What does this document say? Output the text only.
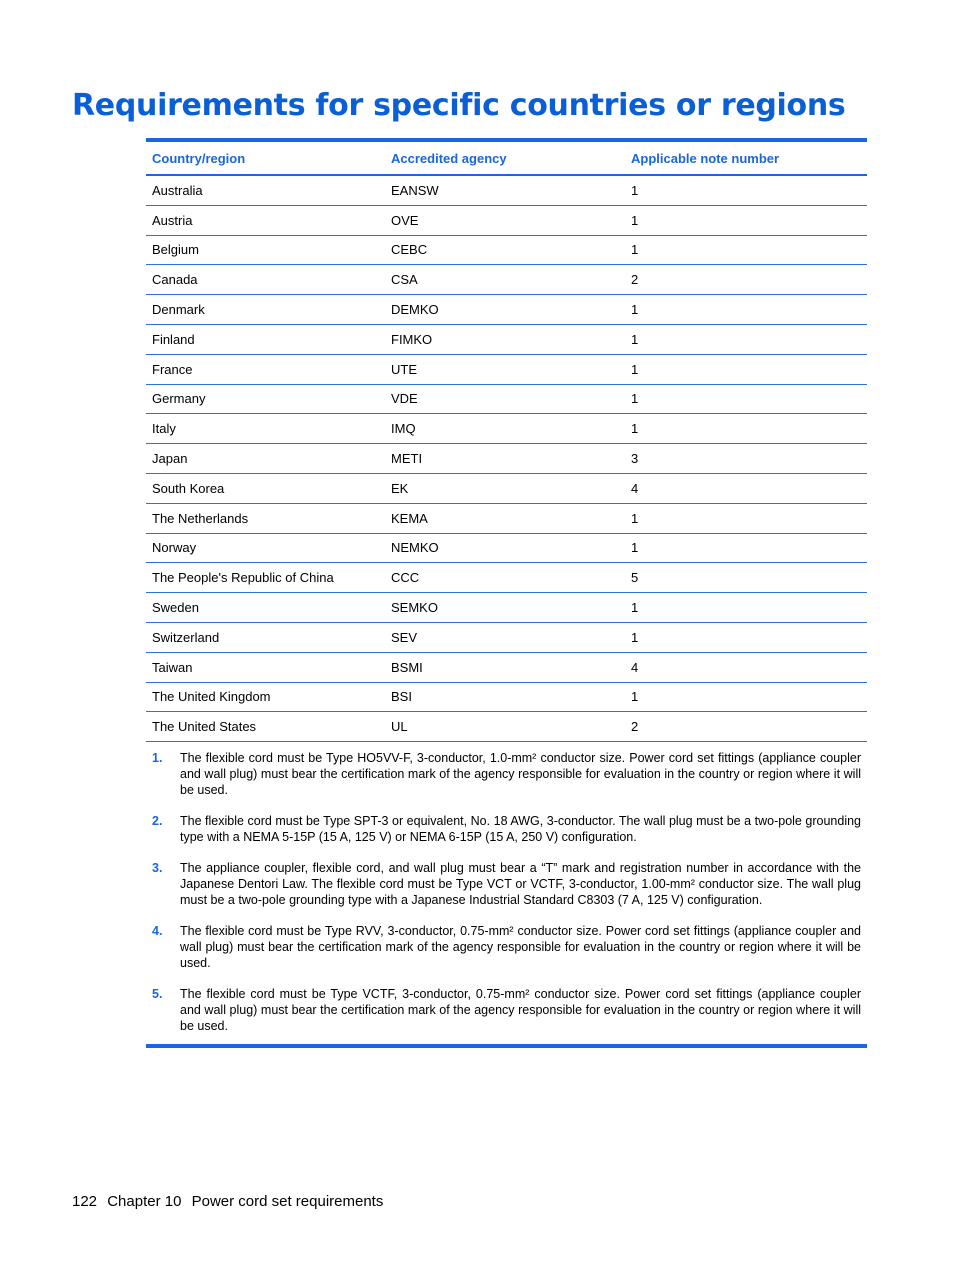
Requirements for specific countries or regions
Country/region	Accredited agency	Applicable note number
Australia	EANSW	1
Austria	OVE	1
Belgium	CEBC	1
Canada	CSA	2
Denmark	DEMKO	1
Finland	FIMKO	1
France	UTE	1
Germany	VDE	1
Italy	IMQ	1
Japan	METI	3
South Korea	EK	4
The Netherlands	KEMA	1
Norway	NEMKO	1
The People's Republic of China	CCC	5
Sweden	SEMKO	1
Switzerland	SEV	1
Taiwan	BSMI	4
The United Kingdom	BSI	1
The United States	UL	2
1.	The flexible cord must be Type HO5VV-F, 3-conductor, 1.0-mm² conductor size. Power cord set fittings (appliance coupler and wall plug) must bear the certification mark of the agency responsible for evaluation in the country or region where it will be used.
2.	The flexible cord must be Type SPT-3 or equivalent, No. 18 AWG, 3-conductor. The wall plug must be a two-pole grounding type with a NEMA 5-15P (15 A, 125 V) or NEMA 6-15P (15 A, 250 V) configuration.
3.	The appliance coupler, flexible cord, and wall plug must bear a “T” mark and registration number in accordance with the Japanese Dentori Law. The flexible cord must be Type VCT or VCTF, 3-conductor, 1.00-mm² conductor size. The wall plug must be a two-pole grounding type with a Japanese Industrial Standard C8303 (7 A, 125 V) configuration.
4.	The flexible cord must be Type RVV, 3-conductor, 0.75-mm² conductor size. Power cord set fittings (appliance coupler and wall plug) must bear the certification mark of the agency responsible for evaluation in the country or region where it will be used.
5.	The flexible cord must be Type VCTF, 3-conductor, 0.75-mm² conductor size. Power cord set fittings (appliance coupler and wall plug) must bear the certification mark of the agency responsible for evaluation in the country or region where it will be used.
122 Chapter 10 Power cord set requirements
